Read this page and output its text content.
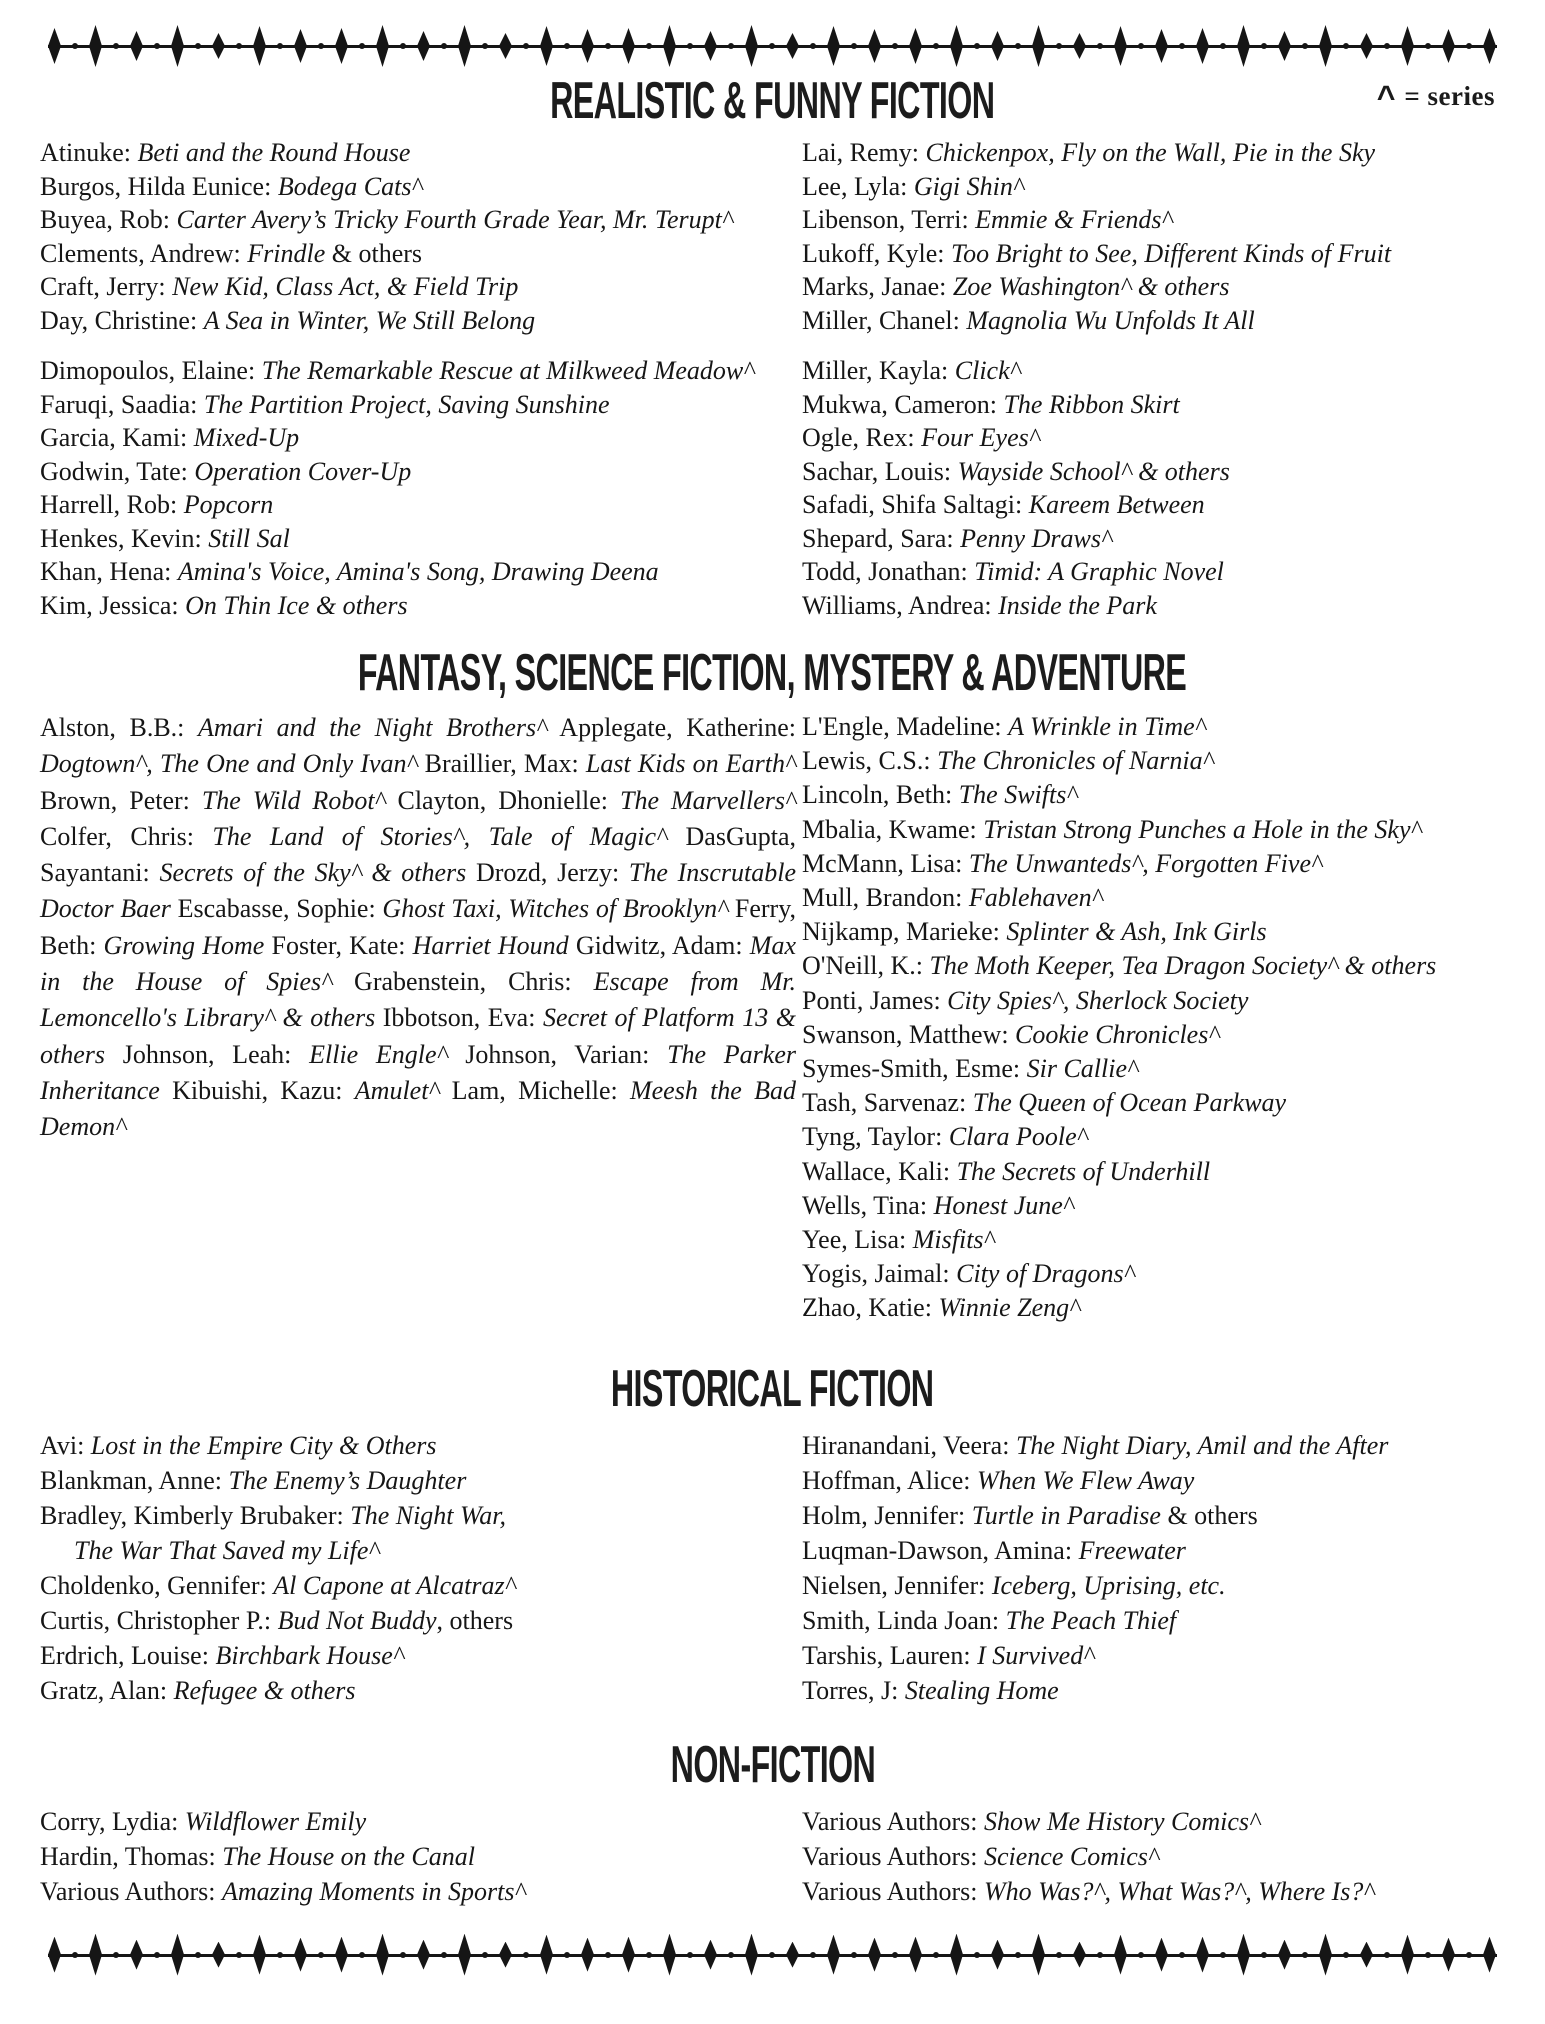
^ = series
REALISTIC & FUNNY FICTION
Atinuke: Beti and the Round House
Burgos, Hilda Eunice: Bodega Cats^
Buyea, Rob: Carter Avery’s Tricky Fourth Grade Year, Mr. Terupt^
Clements, Andrew: Frindle & others
Craft, Jerry: New Kid, Class Act, & Field Trip
Day, Christine: A Sea in Winter, We Still Belong
Dimopoulos, Elaine: The Remarkable Rescue at Milkweed Meadow^
Faruqi, Saadia: The Partition Project, Saving Sunshine
Garcia, Kami: Mixed-Up
Godwin, Tate: Operation Cover-Up
Harrell, Rob: Popcorn
Henkes, Kevin: Still Sal
Khan, Hena: Amina's Voice, Amina's Song, Drawing Deena
Kim, Jessica: On Thin Ice & others
Lai, Remy: Chickenpox, Fly on the Wall, Pie in the Sky
Lee, Lyla: Gigi Shin^
Libenson, Terri: Emmie & Friends^
Lukoff, Kyle: Too Bright to See, Different Kinds of Fruit
Marks, Janae: Zoe Washington^ & others
Miller, Chanel: Magnolia Wu Unfolds It All
Miller, Kayla: Click^
Mukwa, Cameron: The Ribbon Skirt
Ogle, Rex: Four Eyes^
Sachar, Louis: Wayside School^ & others
Safadi, Shifa Saltagi: Kareem Between
Shepard, Sara: Penny Draws^
Todd, Jonathan: Timid: A Graphic Novel
Williams, Andrea: Inside the Park
FANTASY, SCIENCE FICTION, MYSTERY & ADVENTURE

Alston, B.B.: Amari and the Night Brothers^ Applegate, Katherine: Dogtown^, The One and Only Ivan^ Braillier, Max: Last Kids on Earth^ Brown, Peter: The Wild Robot^ Clayton, Dhonielle: The Marvellers^ Colfer, Chris: The Land of Stories^, Tale of Magic^ DasGupta, Sayantani: Secrets of the Sky^ & others Drozd, Jerzy: The Inscrutable Doctor Baer Escabasse, Sophie: Ghost Taxi, Witches of Brooklyn^ Ferry, Beth: Growing Home Foster, Kate: Harriet Hound Gidwitz, Adam: Max in the House of Spies^ Grabenstein, Chris: Escape from Mr. Lemoncello's Library^ & others Ibbotson, Eva: Secret of Platform 13 & others Johnson, Leah: Ellie Engle^ Johnson, Varian: The Parker Inheritance Kibuishi, Kazu: Amulet^ Lam, Michelle: Meesh the Bad Demon^

L'Engle, Madeline: A Wrinkle in Time^
Lewis, C.S.: The Chronicles of Narnia^
Lincoln, Beth: The Swifts^
Mbalia, Kwame: Tristan Strong Punches a Hole in the Sky^
McMann, Lisa: The Unwanteds^, Forgotten Five^
Mull, Brandon: Fablehaven^
Nijkamp, Marieke: Splinter & Ash, Ink Girls
O'Neill, K.: The Moth Keeper, Tea Dragon Society^ & others
Ponti, James: City Spies^, Sherlock Society
Swanson, Matthew: Cookie Chronicles^
Symes-Smith, Esme: Sir Callie^
Tash, Sarvenaz: The Queen of Ocean Parkway
Tyng, Taylor: Clara Poole^
Wallace, Kali: The Secrets of Underhill
Wells, Tina: Honest June^
Yee, Lisa: Misfits^
Yogis, Jaimal: City of Dragons^
Zhao, Katie: Winnie Zeng^
HISTORICAL FICTION
Avi: Lost in the Empire City & Others
Blankman, Anne: The Enemy’s Daughter
Bradley, Kimberly Brubaker: The Night War,
The War That Saved my Life^
Choldenko, Gennifer: Al Capone at Alcatraz^
Curtis, Christopher P.: Bud Not Buddy, others
Erdrich, Louise: Birchbark House^
Gratz, Alan: Refugee & others
Hiranandani, Veera: The Night Diary, Amil and the After
Hoffman, Alice: When We Flew Away
Holm, Jennifer: Turtle in Paradise & others
Luqman-Dawson, Amina: Freewater
Nielsen, Jennifer: Iceberg, Uprising, etc.
Smith, Linda Joan: The Peach Thief
Tarshis, Lauren: I Survived^
Torres, J: Stealing Home
NON-FICTION
Corry, Lydia: Wildflower Emily
Hardin, Thomas: The House on the Canal
Various Authors: Amazing Moments in Sports^
Various Authors: Show Me History Comics^
Various Authors: Science Comics^
Various Authors: Who Was?^, What Was?^, Where Is?^
